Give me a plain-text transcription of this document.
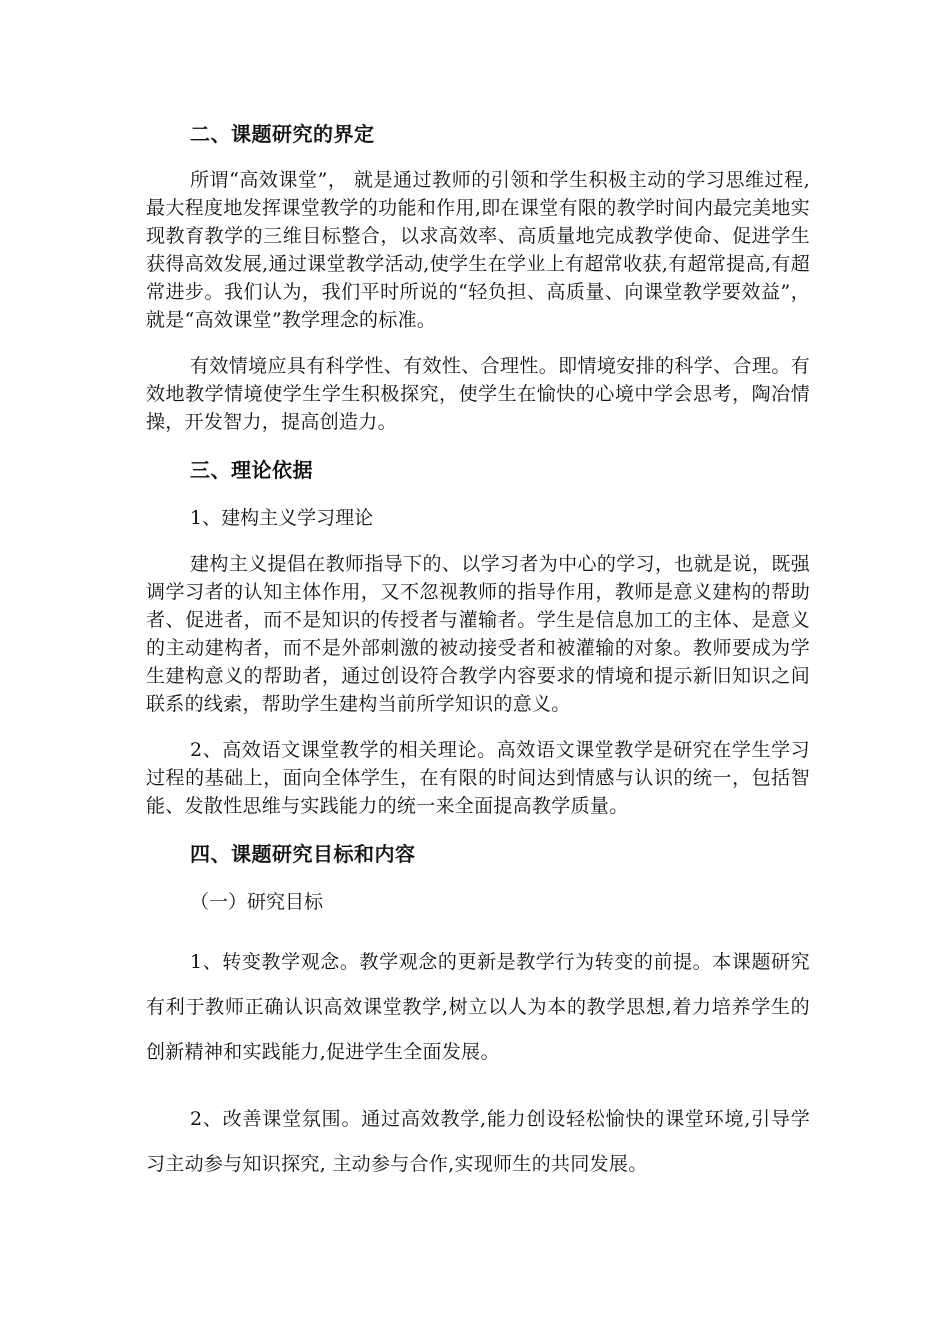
二、课题研究的界定

所谓“高效课堂”， 就是通过教师的引领和学生积极主动的学习思维过程, 最大程度地发挥课堂教学的功能和作用,即在课堂有限的教学时间内最完美地实现教育教学的三维目标整合，以求高效率、高质量地完成教学使命、促进学生获得高效发展,通过课堂教学活动,使学生在学业上有超常收获,有超常提高,有超常进步。我们认为，我们平时所说的“轻负担、高质量、向课堂教学要效益”，就是“高效课堂”教学理念的标准。

有效情境应具有科学性、有效性、合理性。即情境安排的科学、合理。有效地教学情境使学生学生积极探究，使学生在愉快的心境中学会思考，陶冶情操，开发智力，提高创造力。

三、理论依据

1、建构主义学习理论

建构主义提倡在教师指导下的、以学习者为中心的学习，也就是说，既强调学习者的认知主体作用，又不忽视教师的指导作用，教师是意义建构的帮助者、促进者，而不是知识的传授者与灌输者。学生是信息加工的主体、是意义的主动建构者，而不是外部刺激的被动接受者和被灌输的对象。教师要成为学生建构意义的帮助者，通过创设符合教学内容要求的情境和提示新旧知识之间联系的线索，帮助学生建构当前所学知识的意义。

2、高效语文课堂教学的相关理论。高效语文课堂教学是研究在学生学习过程的基础上，面向全体学生，在有限的时间达到情感与认识的统一，包括智能、发散性思维与实践能力的统一来全面提高教学质量。

四、课题研究目标和内容

（一）研究目标

1、转变教学观念。教学观念的更新是教学行为转变的前提。本课题研究有利于教师正确认识高效课堂教学,树立以人为本的教学思想,着力培养学生的创新精神和实践能力,促进学生全面发展。

2、改善课堂氛围。通过高效教学,能力创设轻松愉快的课堂环境,引导学习主动参与知识探究, 主动参与合作,实现师生的共同发展。
